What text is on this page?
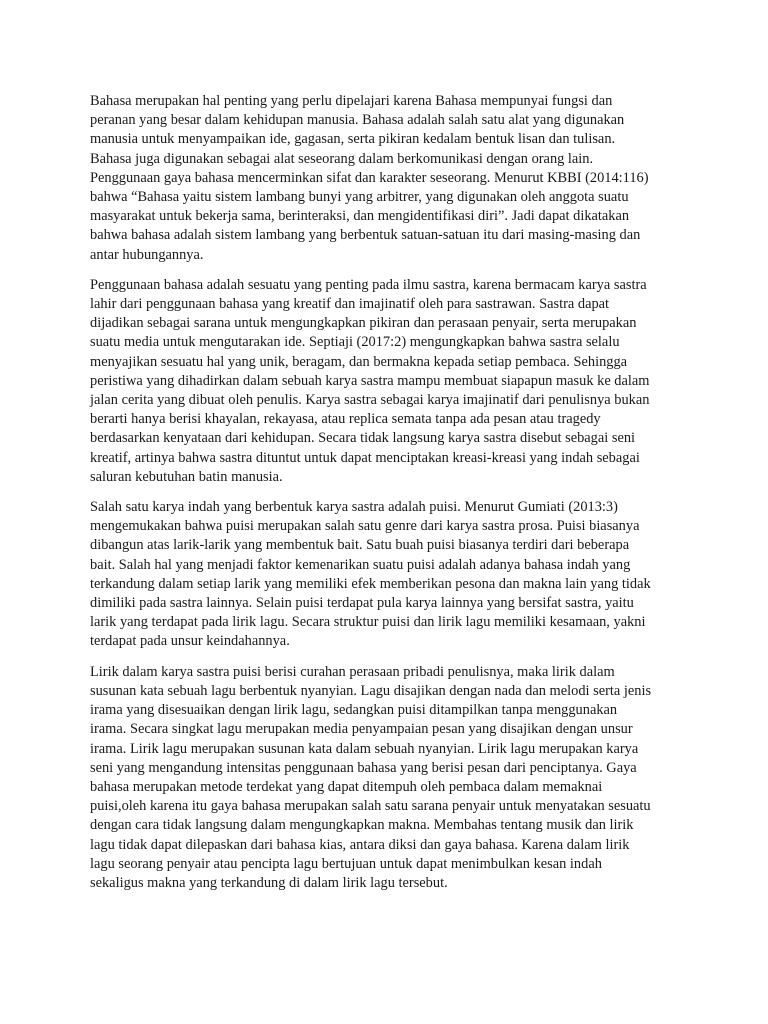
Bahasa merupakan hal penting yang perlu dipelajari karena Bahasa mempunyai fungsi dan
peranan yang besar dalam kehidupan manusia. Bahasa adalah salah satu alat yang digunakan
manusia untuk menyampaikan ide, gagasan, serta pikiran kedalam bentuk lisan dan tulisan.
Bahasa juga digunakan sebagai alat seseorang dalam berkomunikasi dengan orang lain.
Penggunaan gaya bahasa mencerminkan sifat dan karakter seseorang. Menurut KBBI (2014:116)
bahwa “Bahasa yaitu sistem lambang bunyi yang arbitrer, yang digunakan oleh anggota suatu
masyarakat untuk bekerja sama, berinteraksi, dan mengidentifikasi diri”. Jadi dapat dikatakan
bahwa bahasa adalah sistem lambang yang berbentuk satuan-satuan itu dari masing-masing dan
antar hubungannya.

Penggunaan bahasa adalah sesuatu yang penting pada ilmu sastra, karena bermacam karya sastra
lahir dari penggunaan bahasa yang kreatif dan imajinatif oleh para sastrawan. Sastra dapat
dijadikan sebagai sarana untuk mengungkapkan pikiran dan perasaan penyair, serta merupakan
suatu media untuk mengutarakan ide. Septiaji (2017:2) mengungkapkan bahwa sastra selalu
menyajikan sesuatu hal yang unik, beragam, dan bermakna kepada setiap pembaca. Sehingga
peristiwa yang dihadirkan dalam sebuah karya sastra mampu membuat siapapun masuk ke dalam
jalan cerita yang dibuat oleh penulis. Karya sastra sebagai karya imajinatif dari penulisnya bukan
berarti hanya berisi khayalan, rekayasa, atau replica semata tanpa ada pesan atau tragedy
berdasarkan kenyataan dari kehidupan. Secara tidak langsung karya sastra disebut sebagai seni
kreatif, artinya bahwa sastra dituntut untuk dapat menciptakan kreasi-kreasi yang indah sebagai
saluran kebutuhan batin manusia.

Salah satu karya indah yang berbentuk karya sastra adalah puisi. Menurut Gumiati (2013:3)
mengemukakan bahwa puisi merupakan salah satu genre dari karya sastra prosa. Puisi biasanya
dibangun atas larik-larik yang membentuk bait. Satu buah puisi biasanya terdiri dari beberapa
bait. Salah hal yang menjadi faktor kemenarikan suatu puisi adalah adanya bahasa indah yang
terkandung dalam setiap larik yang memiliki efek memberikan pesona dan makna lain yang tidak
dimiliki pada sastra lainnya. Selain puisi terdapat pula karya lainnya yang bersifat sastra, yaitu
larik yang terdapat pada lirik lagu. Secara struktur puisi dan lirik lagu memiliki kesamaan, yakni
terdapat pada unsur keindahannya.

Lirik dalam karya sastra puisi berisi curahan perasaan pribadi penulisnya, maka lirik dalam
susunan kata sebuah lagu berbentuk nyanyian. Lagu disajikan dengan nada dan melodi serta jenis
irama yang disesuaikan dengan lirik lagu, sedangkan puisi ditampilkan tanpa menggunakan
irama. Secara singkat lagu merupakan media penyampaian pesan yang disajikan dengan unsur
irama. Lirik lagu merupakan susunan kata dalam sebuah nyanyian. Lirik lagu merupakan karya
seni yang mengandung intensitas penggunaan bahasa yang berisi pesan dari penciptanya. Gaya
bahasa merupakan metode terdekat yang dapat ditempuh oleh pembaca dalam memaknai
puisi,oleh karena itu gaya bahasa merupakan salah satu sarana penyair untuk menyatakan sesuatu
dengan cara tidak langsung dalam mengungkapkan makna. Membahas tentang musik dan lirik
lagu tidak dapat dilepaskan dari bahasa kias, antara diksi dan gaya bahasa. Karena dalam lirik
lagu seorang penyair atau pencipta lagu bertujuan untuk dapat menimbulkan kesan indah
sekaligus makna yang terkandung di dalam lirik lagu tersebut.
